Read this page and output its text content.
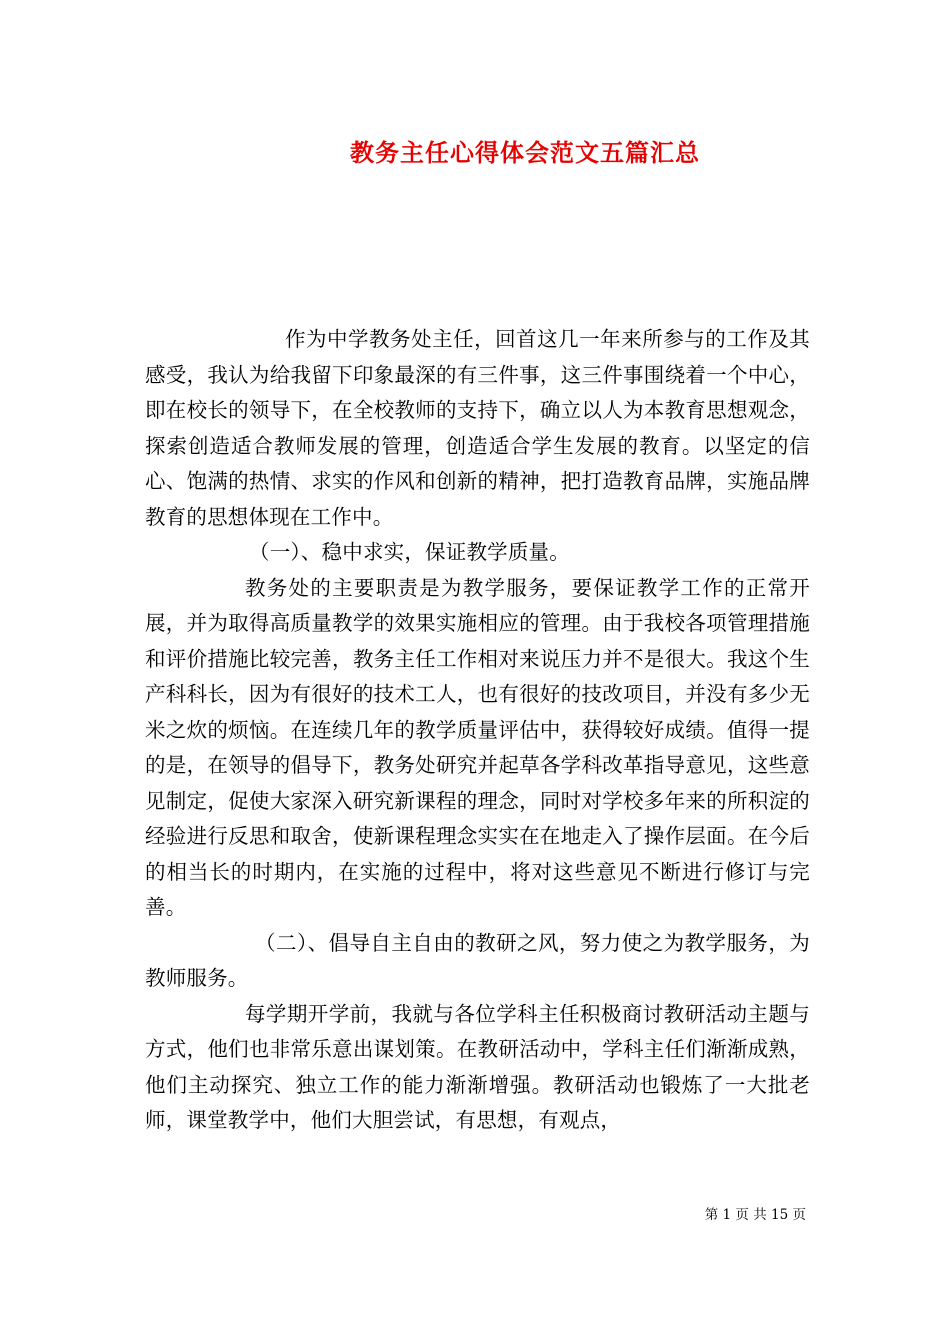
教务主任心得体会范文五篇汇总

作为中学教务处主任，回首这几一年来所参与的工作及其感受，我认为给我留下印象最深的有三件事，这三件事围绕着一个中心，即在校长的领导下，在全校教师的支持下，确立以人为本教育思想观念，探索创造适合教师发展的管理，创造适合学生发展的教育。以坚定的信心、饱满的热情、求实的作风和创新的精神，把打造教育品牌，实施品牌教育的思想体现在工作中。

（一）、稳中求实，保证教学质量。

教务处的主要职责是为教学服务，要保证教学工作的正常开展，并为取得高质量教学的效果实施相应的管理。由于我校各项管理措施和评价措施比较完善，教务主任工作相对来说压力并不是很大。我这个生产科科长，因为有很好的技术工人，也有很好的技改项目，并没有多少无米之炊的烦恼。在连续几年的教学质量评估中，获得较好成绩。值得一提的是，在领导的倡导下，教务处研究并起草各学科改革指导意见，这些意见制定，促使大家深入研究新课程的理念，同时对学校多年来的所积淀的经验进行反思和取舍，使新课程理念实实在在地走入了操作层面。在今后的相当长的时期内，在实施的过程中，将对这些意见不断进行修订与完善。

（二）、倡导自主自由的教研之风，努力使之为教学服务，为教师服务。

每学期开学前，我就与各位学科主任积极商讨教研活动主题与方式，他们也非常乐意出谋划策。在教研活动中，学科主任们渐渐成熟，他们主动探究、独立工作的能力渐渐增强。教研活动也锻炼了一大批老师，课堂教学中，他们大胆尝试，有思想，有观点，

第 1 页 共 15 页
